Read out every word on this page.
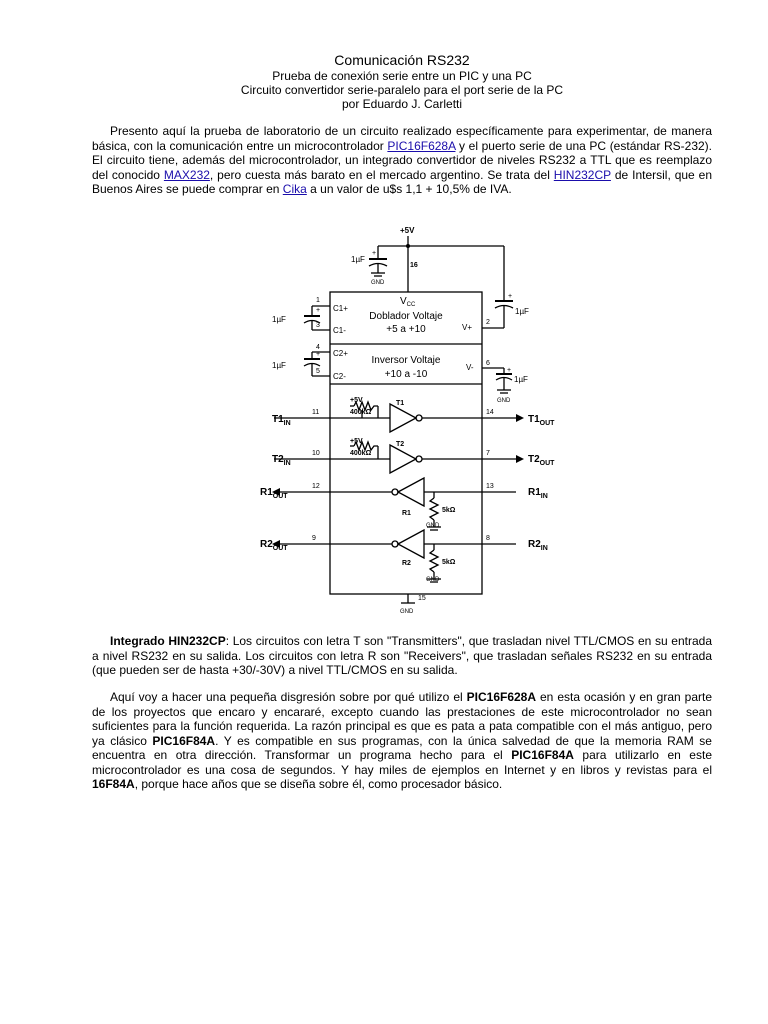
Comunicación RS232
Prueba de conexión serie entre un PIC y una PC
Circuito convertidor serie-paralelo para el port serie de la PC
por Eduardo J. Carletti
Presento aquí la prueba de laboratorio de un circuito realizado específicamente para experimentar, de manera básica, con la comunicación entre un microcontrolador PIC16F628A y el puerto serie de una PC (estándar RS-232). El circuito tiene, además del microcontrolador, un integrado convertidor de niveles RS232 a TTL que es reemplazo del conocido MAX232, pero cuesta más barato en el mercado argentino. Se trata del HIN232CP de Intersil, que en Buenos Aires se puede comprar en Cika a un valor de u$s 1,1 + 10,5% de IVA.
+5V
1µF
+
GND
16
1µF
+
2
1µF
+
1
3
1µF
+
4
5
6
1µF
+
GND
C1+
C1-
C2+
C2-
V+
V-
$V_{CC}$
Doblador Voltaje
+5 a +10
Inversor Voltaje
+10 a -10
+5V
400kΩ
T1
11	14
+5V
400kΩ
T2
10	7
12	13
R1	5kΩ
GND
9	8
R2	5kΩ
GND
15
GND
$T1_{IN}$
$T2_{IN}$
$T1_{OUT}$
$T2_{OUT}$
$R1_{OUT}$
$R2_{OUT}$
$R1_{IN}$
$R2_{IN}$
Integrado HIN232CP: Los circuitos con letra T son "Transmitters", que trasladan nivel TTL/CMOS en su entrada a nivel RS232 en su salida. Los circuitos con letra R son "Receivers", que trasladan señales RS232 en su entrada (que pueden ser de hasta +30/-30V) a nivel TTL/CMOS en su salida.
Aquí voy a hacer una pequeña disgresión sobre por qué utilizo el PIC16F628A en esta ocasión y en gran parte de los proyectos que encaro y encararé, excepto cuando las prestaciones de este microcontrolador no sean suficientes para la función requerida. La razón principal es que es pata a pata compatible con el más antiguo, pero ya clásico PIC16F84A. Y es compatible en sus programas, con la única salvedad de que la memoria RAM se encuentra en otra dirección. Transformar un programa hecho para el PIC16F84A para utilizarlo en este microcontrolador es una cosa de segundos. Y hay miles de ejemplos en Internet y en libros y revistas para el 16F84A, porque hace años que se diseña sobre él, como procesador básico.
